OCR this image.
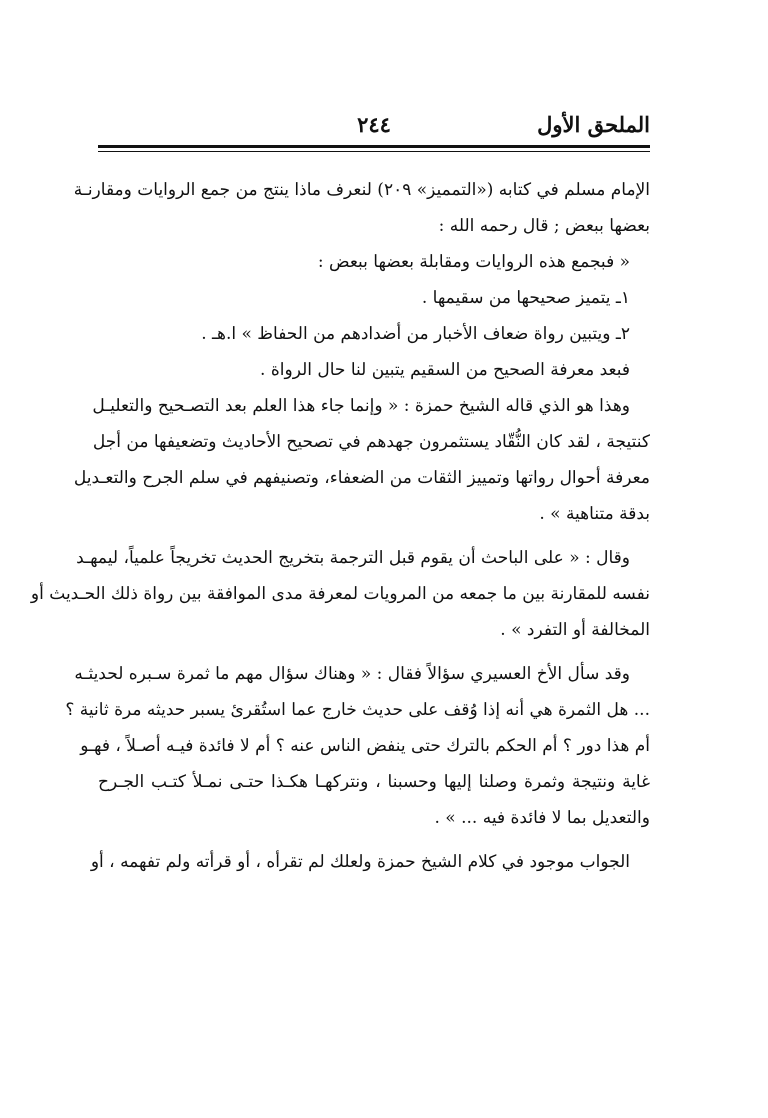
الملحق الأول
٢٤٤
الإمام مسلم في كتابه («التمميز» ٢٠٩) لنعرف ماذا ينتج من جمع الروايات ومقارنـة
بعضها ببعض ; قال رحمه الله :
« فبجمع هذه الروايات ومقابلة بعضها ببعض :
١ـ يتميز صحيحها من سقيمها .
٢ـ ويتبين رواة ضعاف الأخبار من أضدادهم من الحفاظ » ا.هـ .
فبعد معرفة الصحيح من السقيم يتبين لنا حال الرواة .
وهذا هو الذي قاله الشيخ حمزة : « وإنما جاء هذا العلم بعد التصـحيح والتعليـل
كنتيجة ، لقد كان النُّقّاد يستثمرون جهدهم في تصحيح الأحاديث وتضعيفها من أجل
معرفة أحوال رواتها وتمييز الثقات من الضعفاء، وتصنيفهم في سلم الجرح والتعـديل
بدقة متناهية » .
وقال : « على الباحث أن يقوم قبل الترجمة بتخريج الحديث تخريجاً علمياً، ليمهـد
نفسه للمقارنة بين ما جمعه من المرويات لمعرفة مدى الموافقة بين رواة ذلك الحـديث أو
المخالفة أو التفرد » .
وقد سأل الأخ العسيري سؤالاً فقال : « وهناك سؤال مهم ما ثمرة سـبره لحديثـه
... هل الثمرة هي أنه إذا وُقف على حديث خارج عما استُقرئ يسبر حديثه مرة ثانية ؟
أم هذا دور ؟ أم الحكم بالترك حتى ينفض الناس عنه ؟ أم لا فائدة فيـه أصـلاً ، فهـو
غاية ونتيجة وثمرة وصلنا إليها وحسبنا ، ونتركهـا هكـذا حتـى نمـلأ كتـب الجـرح
والتعديل بما لا فائدة فيه ... » .
الجواب موجود في كلام الشيخ حمزة ولعلك لم تقرأه ، أو قرأته ولم تفهمه ، أو
